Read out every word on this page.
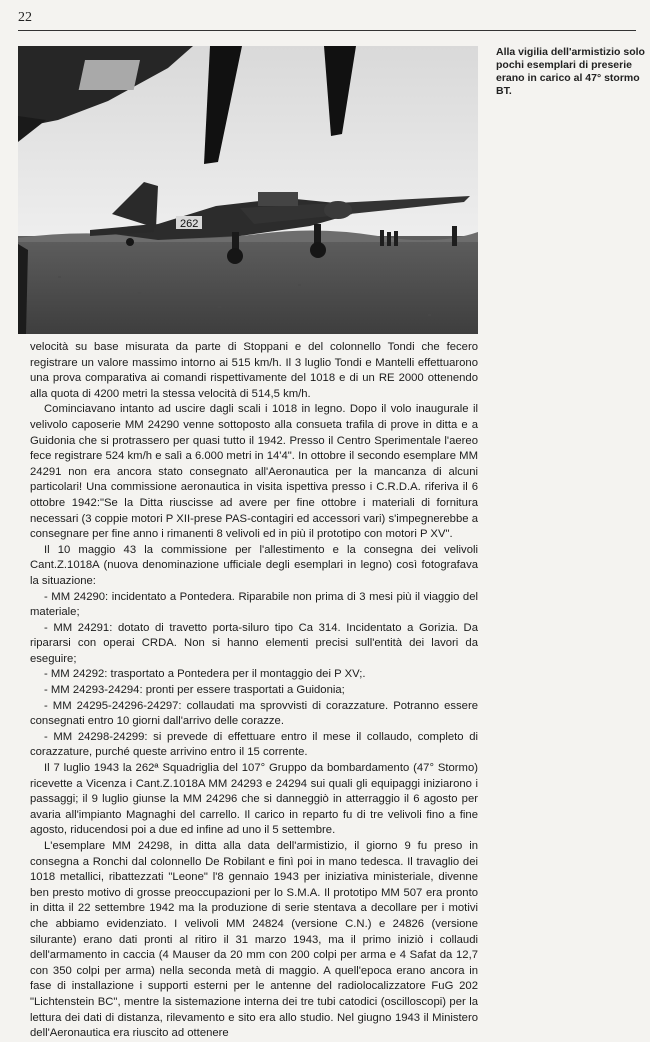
22
262
Alla vigilia dell'armistizio solo pochi esemplari di preserie erano in carico al 47° stormo BT.

velocità su base misurata da parte di Stoppani e del colonnello Tondi che fecero registrare un valore massimo intorno ai 515 km/h. Il 3 luglio Tondi e Mantelli effettuarono una prova comparativa ai comandi rispettivamente del 1018 e di un RE 2000 ottenendo alla quota di 4200 metri la stessa velocità di 514,5 km/h.

Cominciavano intanto ad uscire dagli scali i 1018 in legno. Dopo il volo inaugurale il velivolo caposerie MM 24290 venne sottoposto alla consueta trafila di prove in ditta e a Guidonia che si protrassero per quasi tutto il 1942. Presso il Centro Sperimentale l'aereo fece registrare 524 km/h e salì a 6.000 metri in 14'4". In ottobre il secondo esemplare MM 24291 non era ancora stato consegnato all'Aeronautica per la mancanza di alcuni particolari! Una commissione aeronautica in visita ispettiva presso i C.R.D.A. riferiva il 6 ottobre 1942:"Se la Ditta riuscisse ad avere per fine ottobre i materiali di fornitura necessari (3 coppie motori P XII-prese PAS-contagiri ed accessori vari) s'impegnerebbe a consegnare per fine anno i rimanenti 8 velivoli ed in più il prototipo con motori P XV".

Il 10 maggio 43 la commissione per l'allestimento e la consegna dei velivoli Cant.Z.1018A (nuova denominazione ufficiale degli esemplari in legno) così fotografava la situazione:

- MM 24290: incidentato a Pontedera. Riparabile non prima di 3 mesi più il viaggio del materiale;

- MM 24291: dotato di travetto porta-siluro tipo Ca 314. Incidentato a Gorizia. Da ripararsi con operai CRDA. Non si hanno elementi precisi sull'entità dei lavori da eseguire;

- MM 24292: trasportato a Pontedera per il montaggio dei P XV;.

- MM 24293-24294: pronti per essere trasportati a Guidonia;

- MM 24295-24296-24297: collaudati ma sprovvisti di corazzature. Potranno essere consegnati entro 10 giorni dall'arrivo delle corazze.

- MM 24298-24299: si prevede di effettuare entro il mese il collaudo, completo di corazzature, purché queste arrivino entro il 15 corrente.

Il 7 luglio 1943 la 262ª Squadriglia del 107° Gruppo da bombardamento (47° Stormo) ricevette a Vicenza i Cant.Z.1018A MM 24293 e 24294 sui quali gli equipaggi iniziarono i passaggi; il 9 luglio giunse la MM 24296 che si danneggiò in atterraggio il 6 agosto per avaria all'impianto Magnaghi del carrello. Il carico in reparto fu di tre velivoli fino a fine agosto, riducendosi poi a due ed infine ad uno il 5 settembre.

L'esemplare MM 24298, in ditta alla data dell'armistizio, il giorno 9 fu preso in consegna a Ronchi dal colonnello De Robilant e finì poi in mano tedesca. Il travaglio dei 1018 metallici, ribattezzati "Leone" l'8 gennaio 1943 per iniziativa ministeriale, divenne ben presto motivo di grosse preoccupazioni per lo S.M.A. Il prototipo MM 507 era pronto in ditta il 22 settembre 1942 ma la produzione di serie stentava a decollare per i motivi che abbiamo evidenziato. I velivoli MM 24824 (versione C.N.) e 24826 (versione silurante) erano dati pronti al ritiro il 31 marzo 1943, ma il primo iniziò i collaudi dell'armamento in caccia (4 Mauser da 20 mm con 200 colpi per arma e 4 Safat da 12,7 con 350 colpi per arma) nella seconda metà di maggio. A quell'epoca erano ancora in fase di installazione i supporti esterni per le antenne del radiolocalizzatore FuG 202 "Lichtenstein BC", mentre la sistemazione interna dei tre tubi catodici (oscilloscopi) per la lettura dei dati di distanza, rilevamento e sito era allo studio. Nel giugno 1943 il Ministero dell'Aeronautica era riuscito ad ottenere
